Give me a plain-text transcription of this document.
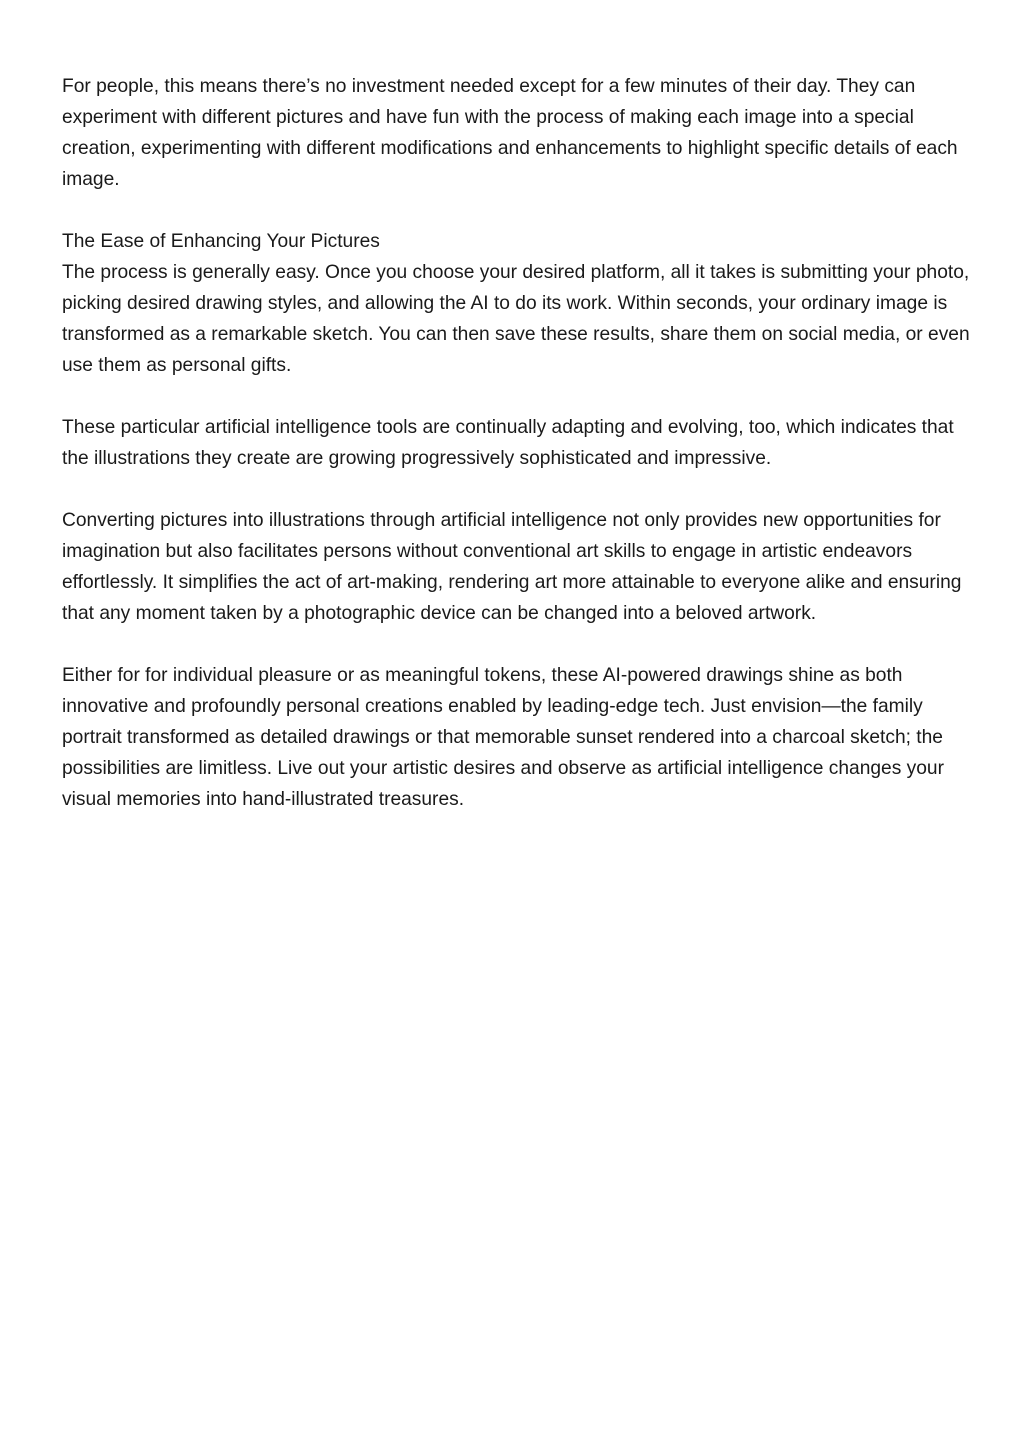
For people, this means there’s no investment needed except for a few minutes of their day. They can experiment with different pictures and have fun with the process of making each image into a special creation, experimenting with different modifications and enhancements to highlight specific details of each image.

The Ease of Enhancing Your Pictures

The process is generally easy. Once you choose your desired platform, all it takes is submitting your photo, picking desired drawing styles, and allowing the AI to do its work. Within seconds, your ordinary image is transformed as a remarkable sketch. You can then save these results, share them on social media, or even use them as personal gifts.

These particular artificial intelligence tools are continually adapting and evolving, too, which indicates that the illustrations they create are growing progressively sophisticated and impressive.

Converting pictures into illustrations through artificial intelligence not only provides new opportunities for imagination but also facilitates persons without conventional art skills to engage in artistic endeavors effortlessly. It simplifies the act of art-making, rendering art more attainable to everyone alike and ensuring that any moment taken by a photographic device can be changed into a beloved artwork.

Either for for individual pleasure or as meaningful tokens, these AI-powered drawings shine as both innovative and profoundly personal creations enabled by leading-edge tech. Just envision—the family portrait transformed as detailed drawings or that memorable sunset rendered into a charcoal sketch; the possibilities are limitless. Live out your artistic desires and observe as artificial intelligence changes your visual memories into hand-illustrated treasures.
